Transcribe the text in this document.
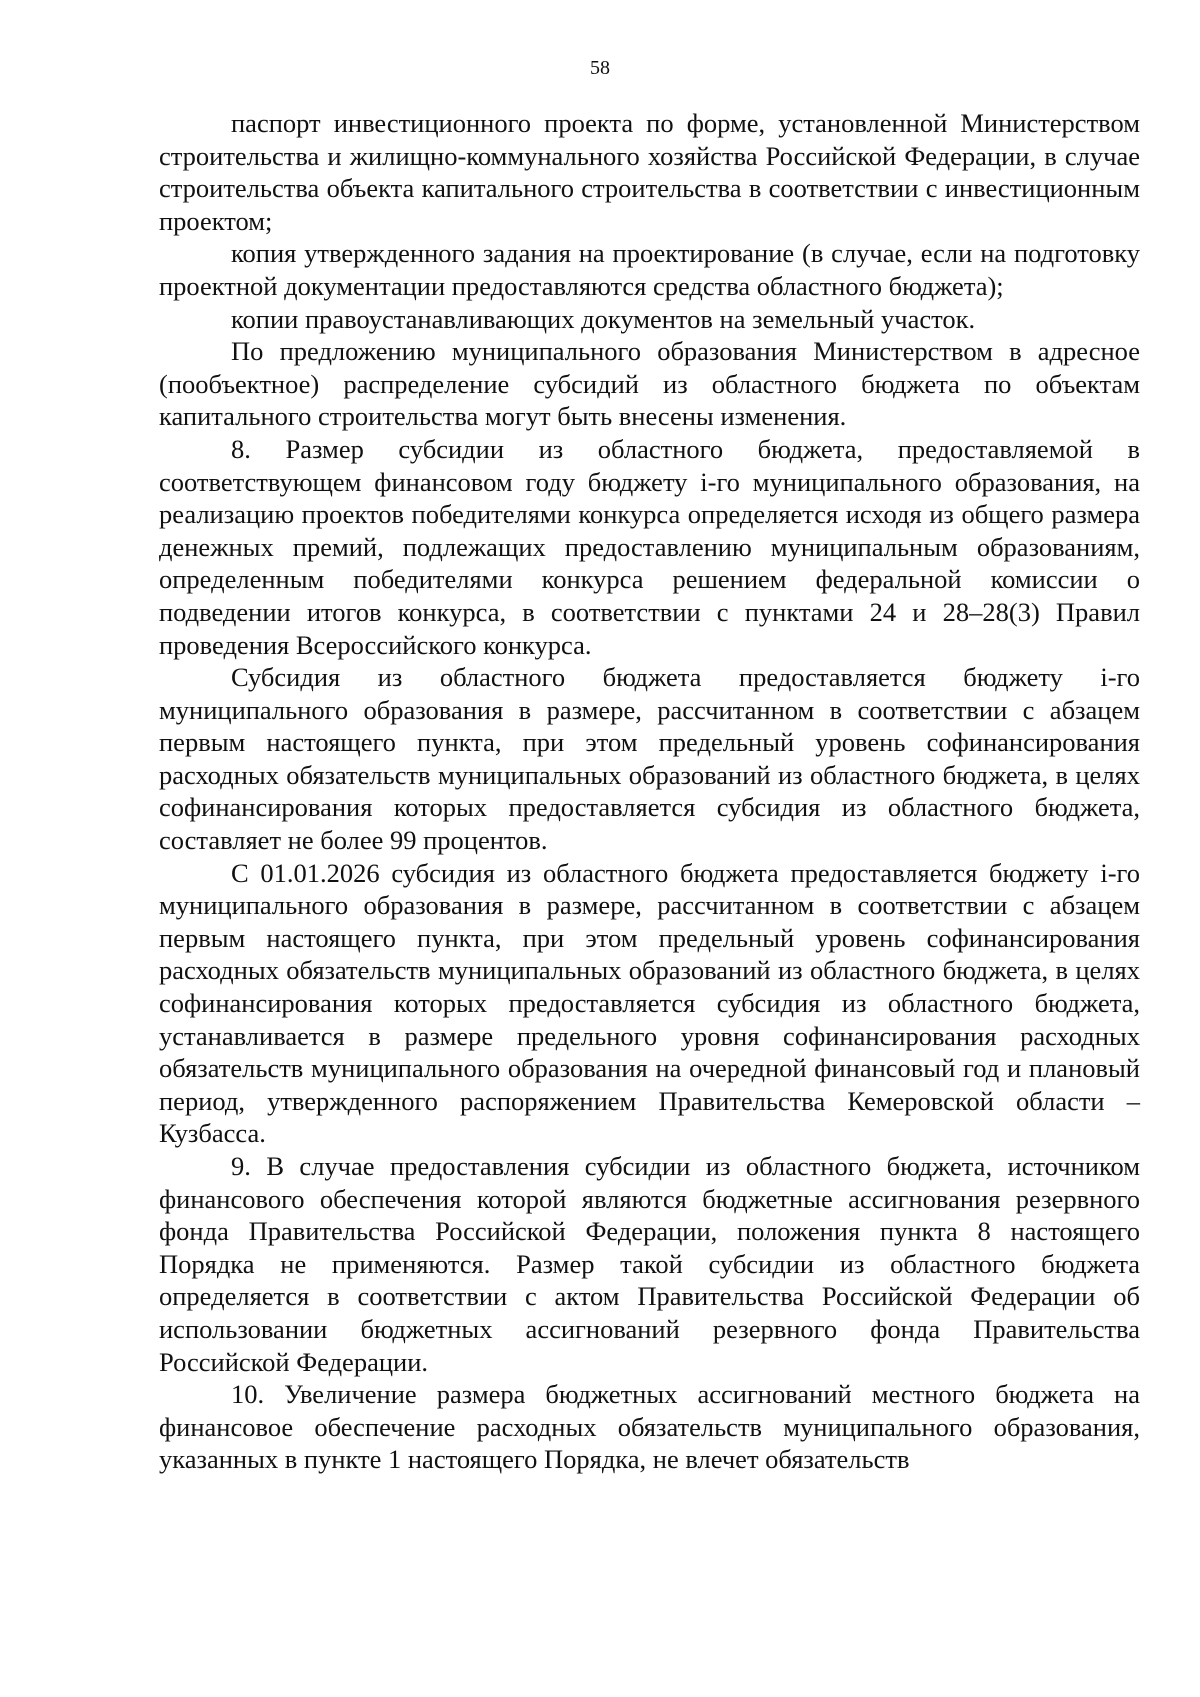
58

паспорт инвестиционного проекта по форме, установленной Министерством строительства и жилищно-коммунального хозяйства Российской Федерации, в случае строительства объекта капитального строительства в соответствии с инвестиционным проектом;

копия утвержденного задания на проектирование (в случае, если на подготовку проектной документации предоставляются средства областного бюджета);

копии правоустанавливающих документов на земельный участок.

По предложению муниципального образования Министерством в адресное (пообъектное) распределение субсидий из областного бюджета по объектам капитального строительства могут быть внесены изменения.

8. Размер субсидии из областного бюджета, предоставляемой в соответствующем финансовом году бюджету i-го муниципального образования, на реализацию проектов победителями конкурса определяется исходя из общего размера денежных премий, подлежащих предоставлению муниципальным образованиям, определенным победителями конкурса решением федеральной комиссии о подведении итогов конкурса, в соответствии с пунктами 24 и 28–28(3) Правил проведения Всероссийского конкурса.

Субсидия из областного бюджета предоставляется бюджету i-го муниципального образования в размере, рассчитанном в соответствии с абзацем первым настоящего пункта, при этом предельный уровень софинансирования расходных обязательств муниципальных образований из областного бюджета, в целях софинансирования которых предоставляется субсидия из областного бюджета, составляет не более 99 процентов.

С 01.01.2026 субсидия из областного бюджета предоставляется бюджету i-го муниципального образования в размере, рассчитанном в соответствии с абзацем первым настоящего пункта, при этом предельный уровень софинансирования расходных обязательств муниципальных образований из областного бюджета, в целях софинансирования которых предоставляется субсидия из областного бюджета, устанавливается в размере предельного уровня софинансирования расходных обязательств муниципального образования на очередной финансовый год и плановый период, утвержденного распоряжением Правительства Кемеровской области – Кузбасса.

9. В случае предоставления субсидии из областного бюджета, источником финансового обеспечения которой являются бюджетные ассигнования резервного фонда Правительства Российской Федерации, положения пункта 8 настоящего Порядка не применяются. Размер такой субсидии из областного бюджета определяется в соответствии с актом Правительства Российской Федерации об использовании бюджетных ассигнований резервного фонда Правительства Российской Федерации.

10. Увеличение размера бюджетных ассигнований местного бюджета на финансовое обеспечение расходных обязательств муниципального образования, указанных в пункте 1 настоящего Порядка, не влечет обязательств
